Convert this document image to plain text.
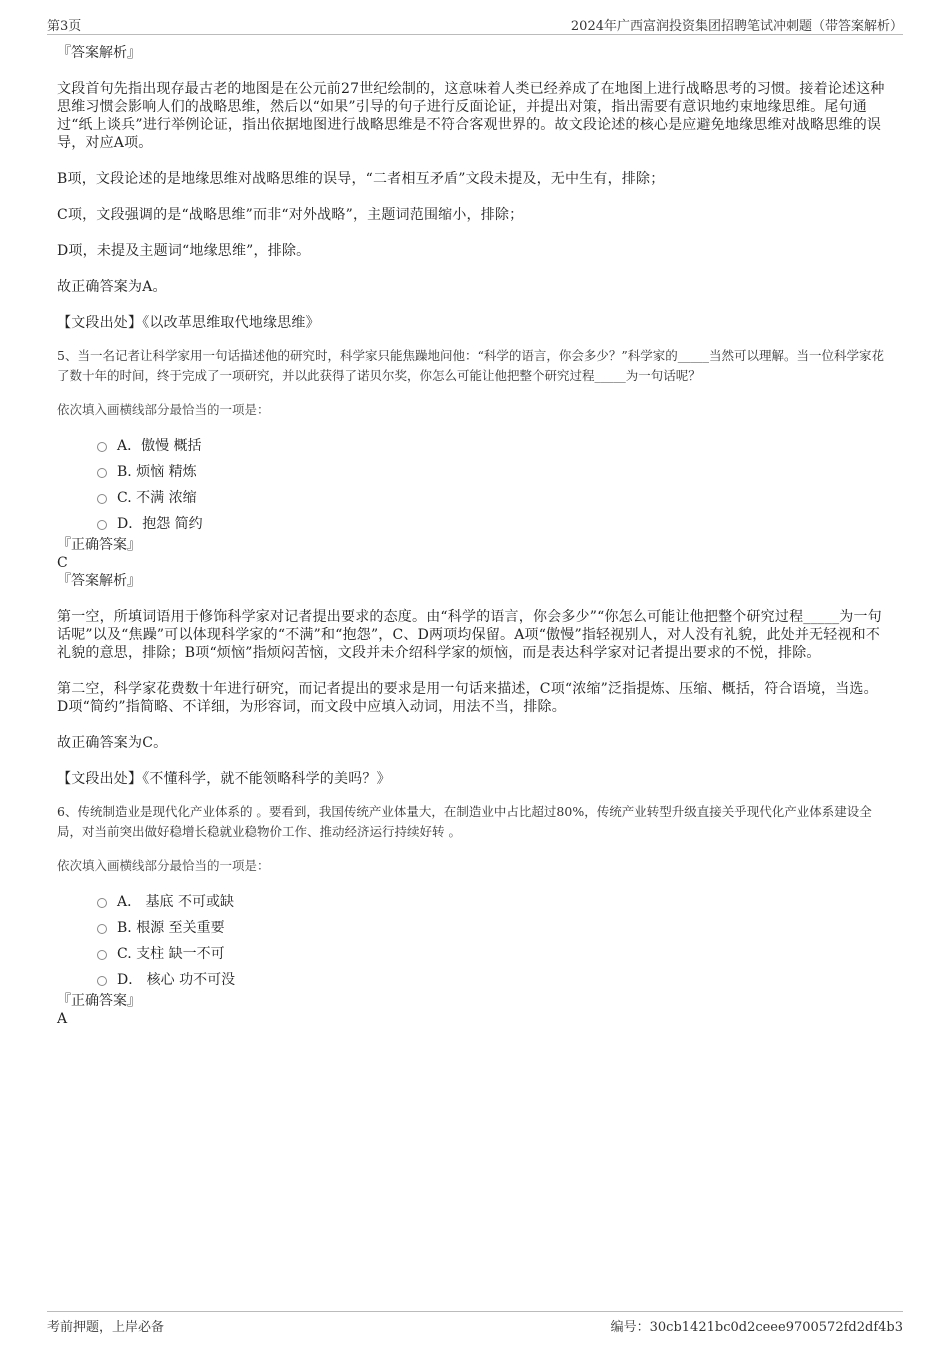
第3页	2024年广西富润投资集团招聘笔试冲刺题（带答案解析）

『答案解析』

文段首句先指出现存最古老的地图是在公元前27世纪绘制的，这意味着人类已经养成了在地图上进行战略思考的习惯。接着论述这种思维习惯会影响人们的战略思维，然后以“如果”引导的句子进行反面论证，并提出对策，指出需要有意识地约束地缘思维。尾句通过“纸上谈兵”进行举例论证，指出依据地图进行战略思维是不符合客观世界的。故文段论述的核心是应避免地缘思维对战略思维的误导，对应A项。

B项，文段论述的是地缘思维对战略思维的误导，“二者相互矛盾”文段未提及，无中生有，排除；

C项，文段强调的是“战略思维”而非“对外战略”，主题词范围缩小，排除；

D项，未提及主题词“地缘思维”，排除。

故正确答案为A。

【文段出处】《以改革思维取代地缘思维》

5、当一名记者让科学家用一句话描述他的研究时，科学家只能焦躁地问他：“科学的语言，你会多少？”科学家的_____当然可以理解。当一位科学家花了数十年的时间，终于完成了一项研究，并以此获得了诺贝尔奖，你怎么可能让他把整个研究过程_____为一句话呢？

依次填入画横线部分最恰当的一项是：

A．傲慢 概括
B. 烦恼 精炼
C. 不满 浓缩
D．抱怨 简约

『正确答案』

C

『答案解析』

第一空，所填词语用于修饰科学家对记者提出要求的态度。由“科学的语言，你会多少”“你怎么可能让他把整个研究过程_____为一句话呢”以及“焦躁”可以体现科学家的“不满”和“抱怨”，C、D两项均保留。A项“傲慢”指轻视别人，对人没有礼貌，此处并无轻视和不礼貌的意思，排除；B项“烦恼”指烦闷苦恼，文段并未介绍科学家的烦恼，而是表达科学家对记者提出要求的不悦，排除。

第二空，科学家花费数十年进行研究，而记者提出的要求是用一句话来描述，C项“浓缩”泛指提炼、压缩、概括，符合语境，当选。D项“简约”指简略、不详细，为形容词，而文段中应填入动词，用法不当，排除。

故正确答案为C。

【文段出处】《不懂科学，就不能领略科学的美吗？》

6、传统制造业是现代化产业体系的 。要看到，我国传统产业体量大，在制造业中占比超过80%，传统产业转型升级直接关乎现代化产业体系建设全局，对当前突出做好稳增长稳就业稳物价工作、推动经济运行持续好转 。

依次填入画横线部分最恰当的一项是：

A． 基底 不可或缺
B. 根源 至关重要
C. 支柱 缺一不可
D． 核心 功不可没

『正确答案』

A

考前押题，上岸必备	编号：30cb1421bc0d2ceee9700572fd2df4b3
